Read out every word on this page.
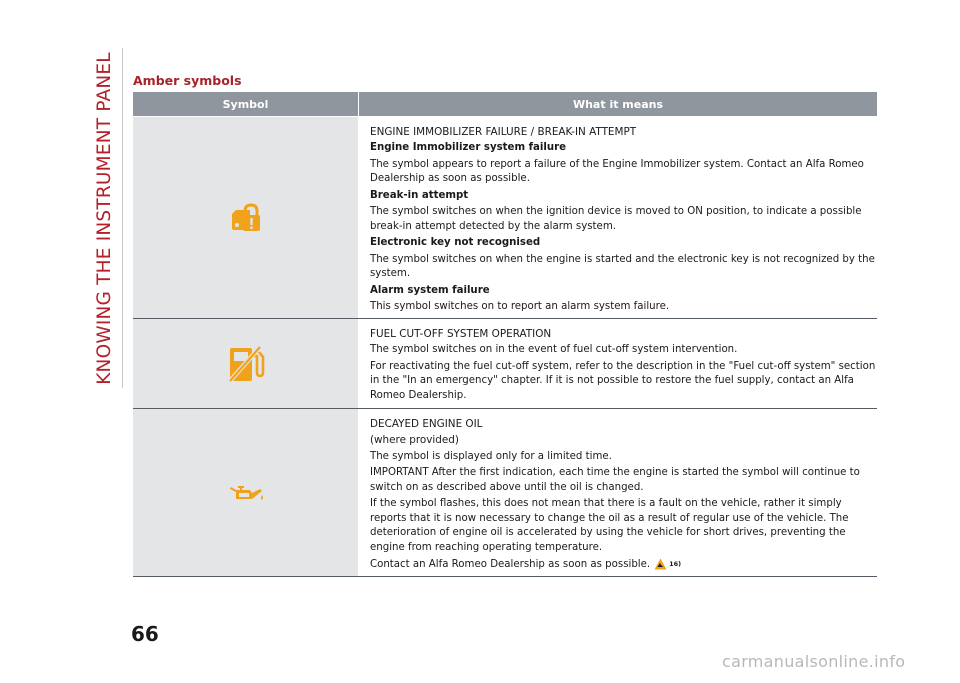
KNOWING THE INSTRUMENT PANEL Amber symbols
Symbol	What it means

ENGINE IMMOBILIZER FAILURE / BREAK-IN ATTEMPT

Engine Immobilizer system failure

The symbol appears to report a failure of the Engine Immobilizer system. Contact an Alfa Romeo Dealership as soon as possible.

Break-in attempt

The symbol switches on when the ignition device is moved to ON position, to indicate a possible break-in attempt detected by the alarm system.

Electronic key not recognised

The symbol switches on when the engine is started and the electronic key is not recognized by the system.

Alarm system failure

This symbol switches on to report an alarm system failure.

FUEL CUT-OFF SYSTEM OPERATION

The symbol switches on in the event of fuel cut-off system intervention.

For reactivating the fuel cut-off system, refer to the description in the "Fuel cut-off system" section in the "In an emergency" chapter. If it is not possible to restore the fuel supply, contact an Alfa Romeo Dealership.

DECAYED ENGINE OIL

(where provided)

The symbol is displayed only for a limited time.

IMPORTANT After the first indication, each time the engine is started the symbol will continue to switch on as described above until the oil is changed.

If the symbol flashes, this does not mean that there is a fault on the vehicle, rather it simply reports that it is now necessary to change the oil as a result of regular use of the vehicle. The deterioration of engine oil is accelerated by using the vehicle for short drives, preventing the engine from reaching operating temperature.

Contact an Alfa Romeo Dealership as soon as possible.	16)

66
carmanualsonline.info
